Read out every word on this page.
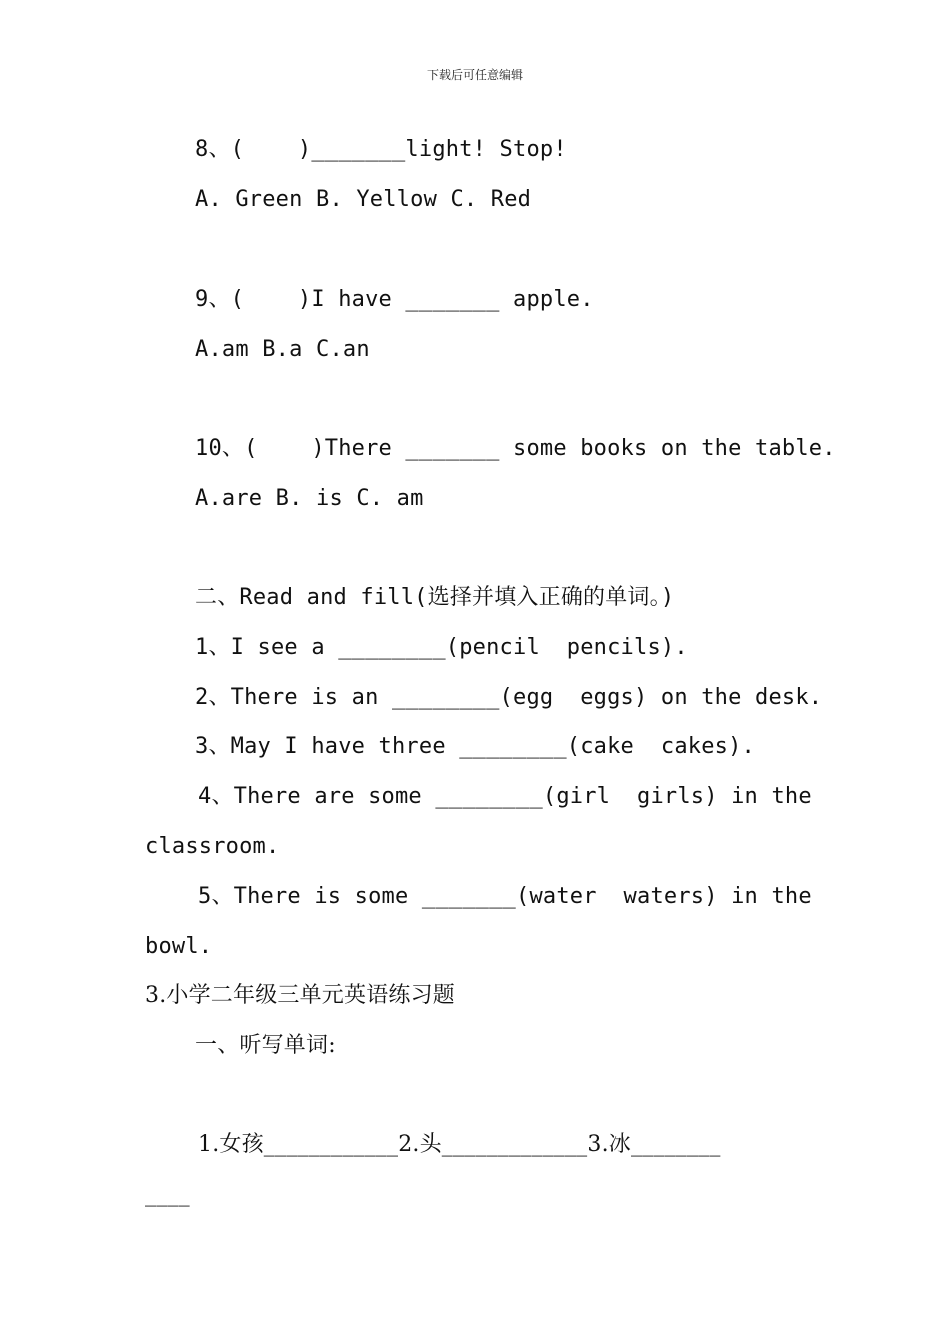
下载后可任意编辑
8、(    )_______light! Stop!
A. Green B. Yellow C. Red
9、(    )I have _______ apple.
A.am B.a C.an
10、(    )There _______ some books on the table.
A.are B. is C. am
二、Read and fill(选择并填入正确的单词。)
1、I see a ________(pencil  pencils).
2、There is an ________(egg  eggs) on the desk.
3、May I have three ________(cake  cakes).
4、There are some ________(girl  girls) in the
classroom.
5、There is some _______(water  waters) in the
bowl.
3.小学二年级三单元英语练习题
一、听写单词:
1.女孩____________2.头_____________3.冰________
____
